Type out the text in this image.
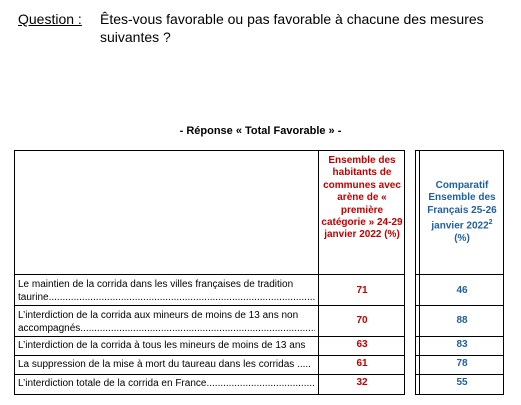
Question : Êtes-vous favorable ou pas favorable à chacune des mesures suivantes ?
- Réponse « Total Favorable » -
Ensemble des habitants de communes avec arène de « première catégorie » 24-29 janvier 2022 (%)
Comparatif Ensemble des Français 25-26 janvier 2022$^2$
(%)
Le maintien de la corrida dans les villes françaises de tradition taurine .....
71	46
L’interdiction de la corrida aux mineurs de moins de 13 ans non accompagnés .....
70	88
L’interdiction de la corrida à tous les mineurs de moins de 13 ans	63	83
La suppression de la mise à mort du taureau dans les corridas .....	61	78
L’interdiction totale de la corrida en France .....	32	55
